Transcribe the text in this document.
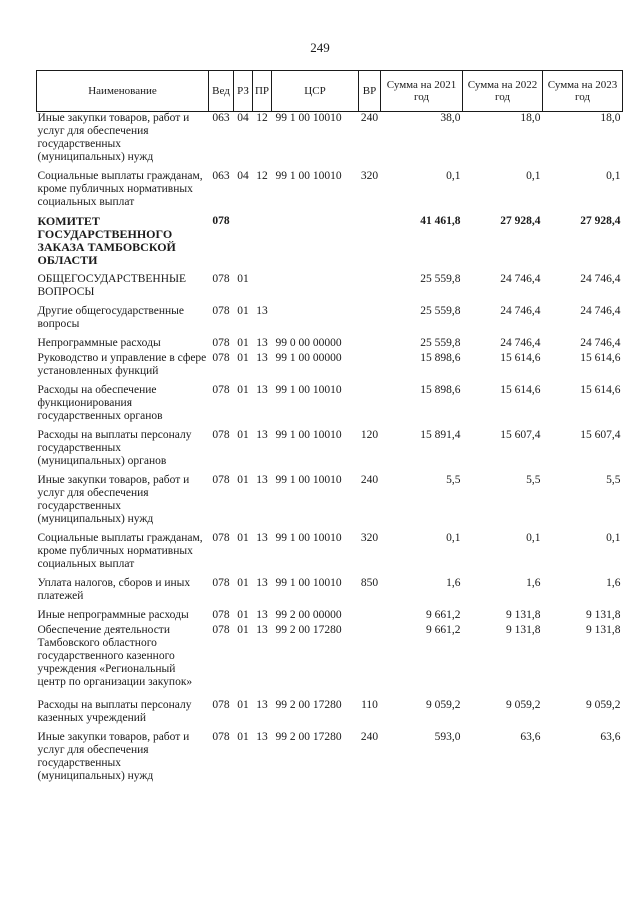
249
Наименование	Вед	РЗ	ПР	ЦСР	ВР	Сумма на 2021 год	Сумма на 2022 год	Сумма на 2023 год
Иные закупки товаров, работ и услуг для обеспечения государственных (муниципальных) нужд	063	04	12	99 1 00 10010	240	38,0	18,0	18,0
Социальные выплаты гражданам, кроме публичных нормативных социальных выплат	063	04	12	99 1 00 10010	320	0,1	0,1	0,1
КОМИТЕТ ГОСУДАРСТВЕННОГО ЗАКАЗА ТАМБОВСКОЙ ОБЛАСТИ	078					41 461,8	27 928,4	27 928,4
ОБЩЕГОСУДАРСТВЕННЫЕ ВОПРОСЫ	078	01				25 559,8	24 746,4	24 746,4
Другие общегосударственные вопросы	078	01	13			25 559,8	24 746,4	24 746,4
Непрограммные расходы	078	01	13	99 0 00 00000		25 559,8	24 746,4	24 746,4
Руководство и управление в сфере установленных функций	078	01	13	99 1 00 00000		15 898,6	15 614,6	15 614,6
Расходы на обеспечение функционирования государственных органов	078	01	13	99 1 00 10010		15 898,6	15 614,6	15 614,6
Расходы на выплаты персоналу государственных (муниципальных) органов	078	01	13	99 1 00 10010	120	15 891,4	15 607,4	15 607,4
Иные закупки товаров, работ и услуг для обеспечения государственных (муниципальных) нужд	078	01	13	99 1 00 10010	240	5,5	5,5	5,5
Социальные выплаты гражданам, кроме публичных нормативных социальных выплат	078	01	13	99 1 00 10010	320	0,1	0,1	0,1
Уплата налогов, сборов и иных платежей	078	01	13	99 1 00 10010	850	1,6	1,6	1,6
Иные непрограммные расходы	078	01	13	99 2 00 00000		9 661,2	9 131,8	9 131,8
Обеспечение деятельности Тамбовского областного государственного казенного учреждения «Региональный центр по организации закупок»	078	01	13	99 2 00 17280		9 661,2	9 131,8	9 131,8
Расходы на выплаты персоналу казенных учреждений	078	01	13	99 2 00 17280	110	9 059,2	9 059,2	9 059,2
Иные закупки товаров, работ и услуг для обеспечения государственных (муниципальных) нужд	078	01	13	99 2 00 17280	240	593,0	63,6	63,6
